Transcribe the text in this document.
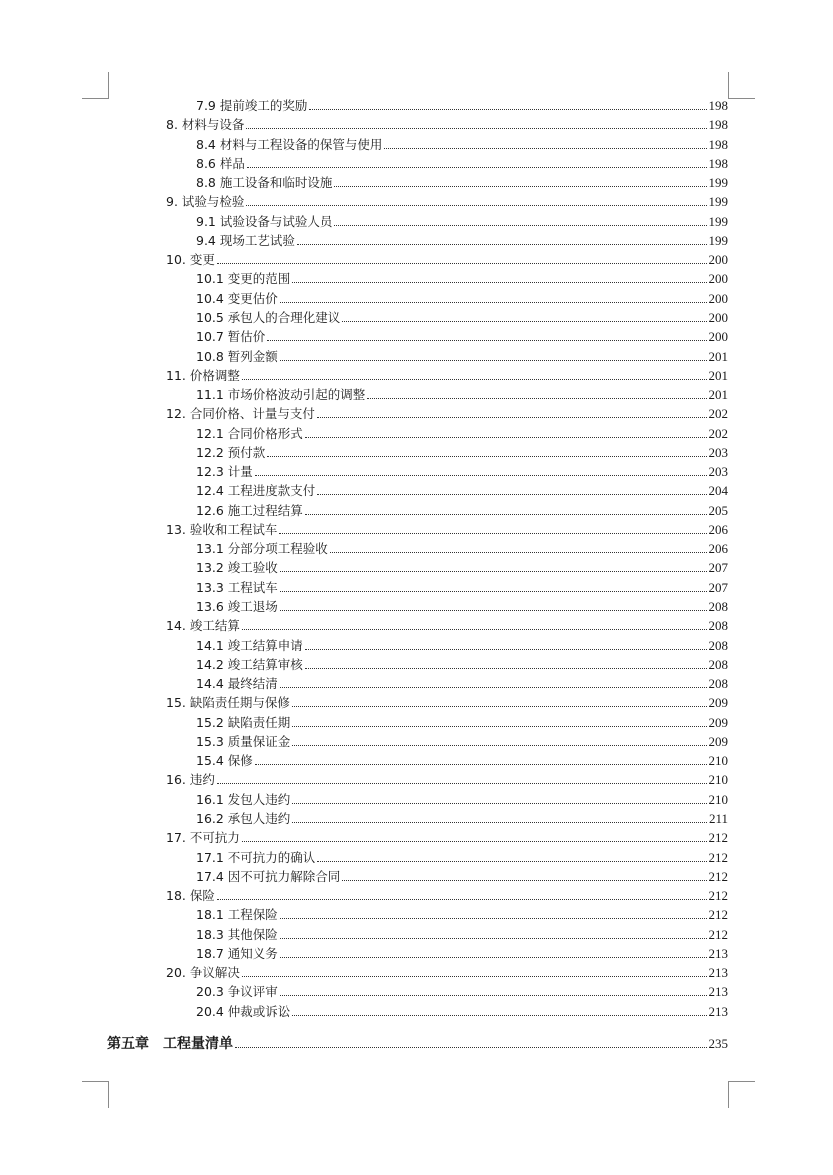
7.9 提前竣工的奖励	198
8. 材料与设备	198
8.4 材料与工程设备的保管与使用	198
8.6 样品	198
8.8 施工设备和临时设施	199
9. 试验与检验	199
9.1 试验设备与试验人员	199
9.4 现场工艺试验	199
10. 变更	200
10.1 变更的范围	200
10.4 变更估价	200
10.5 承包人的合理化建议	200
10.7 暂估价	200
10.8 暂列金额	201
11. 价格调整	201
11.1 市场价格波动引起的调整	201
12. 合同价格、计量与支付	202
12.1 合同价格形式	202
12.2 预付款	203
12.3 计量	203
12.4 工程进度款支付	204
12.6 施工过程结算	205
13. 验收和工程试车	206
13.1 分部分项工程验收	206
13.2 竣工验收	207
13.3 工程试车	207
13.6 竣工退场	208
14. 竣工结算	208
14.1 竣工结算申请	208
14.2 竣工结算审核	208
14.4 最终结清	208
15. 缺陷责任期与保修	209
15.2 缺陷责任期	209
15.3 质量保证金	209
15.4 保修	210
16. 违约	210
16.1 发包人违约	210
16.2 承包人违约	211
17. 不可抗力	212
17.1 不可抗力的确认	212
17.4 因不可抗力解除合同	212
18. 保险	212
18.1 工程保险	212
18.3 其他保险	212
18.7 通知义务	213
20. 争议解决	213
20.3 争议评审	213
20.4 仲裁或诉讼	213
第五章 工程量清单	235
